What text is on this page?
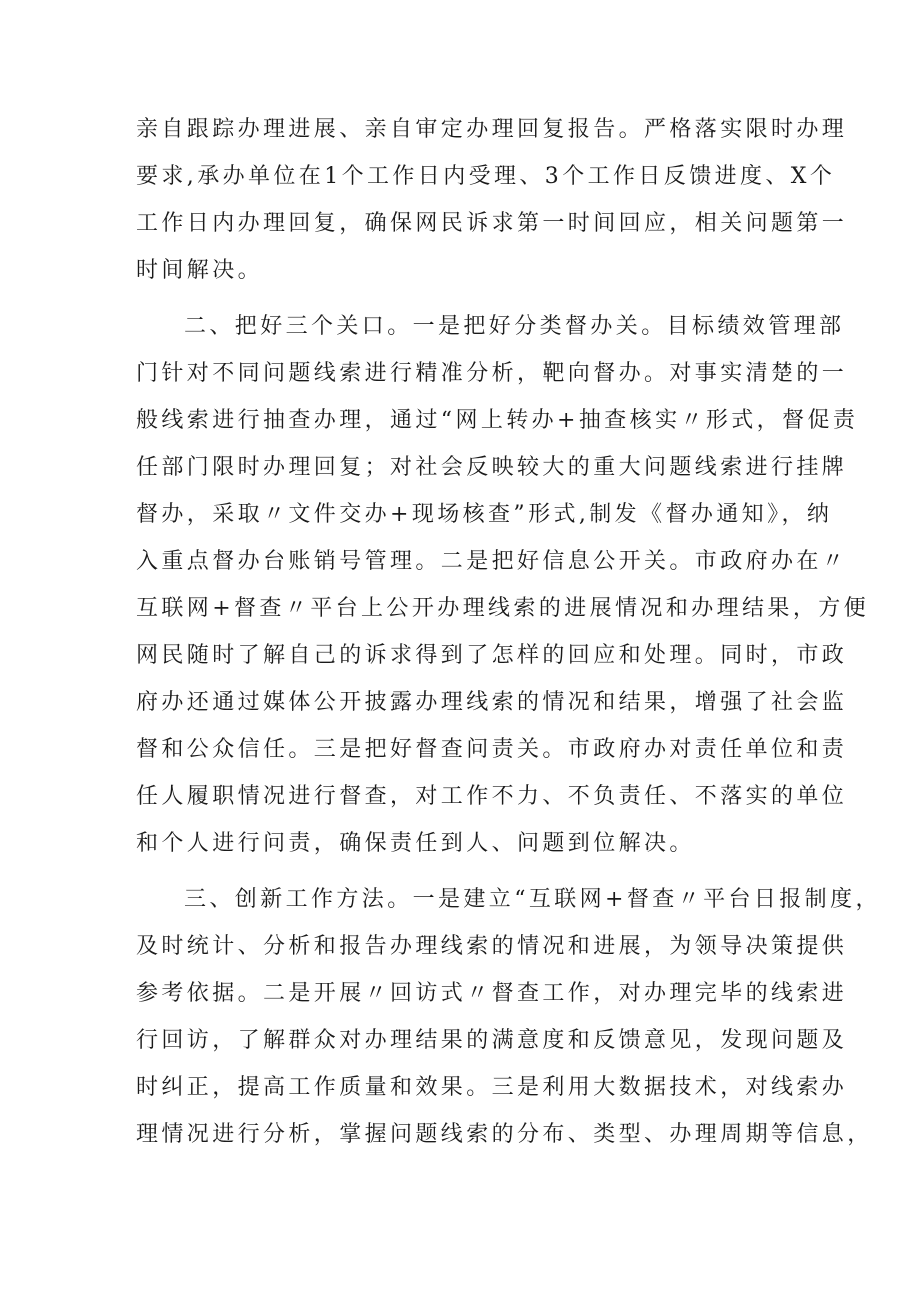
亲自跟踪办理进展、亲自审定办理回复报告。严格落实限时办理
要求,承办单位在1个工作日内受理、3个工作日反馈进度、X个
工作日内办理回复，确保网民诉求第一时间回应，相关问题第一
时间解决。
二、把好三个关口。一是把好分类督办关。目标绩效管理部
门针对不同问题线索进行精准分析，靶向督办。对事实清楚的一
般线索进行抽查办理，通过“网上转办+抽查核实〃形式，督促责
任部门限时办理回复；对社会反映较大的重大问题线索进行挂牌
督办，采取〃文件交办+现场核查”形式,制发《督办通知》，纳
入重点督办台账销号管理。二是把好信息公开关。市政府办在〃
互联网+督查〃平台上公开办理线索的进展情况和办理结果，方便
网民随时了解自己的诉求得到了怎样的回应和处理。同时，市政
府办还通过媒体公开披露办理线索的情况和结果，增强了社会监
督和公众信任。三是把好督查问责关。市政府办对责任单位和责
任人履职情况进行督查，对工作不力、不负责任、不落实的单位
和个人进行问责，确保责任到人、问题到位解决。
三、创新工作方法。一是建立“互联网+督查〃平台日报制度，
及时统计、分析和报告办理线索的情况和进展，为领导决策提供
参考依据。二是开展〃回访式〃督查工作，对办理完毕的线索进
行回访，了解群众对办理结果的满意度和反馈意见，发现问题及
时纠正，提高工作质量和效果。三是利用大数据技术，对线索办
理情况进行分析，掌握问题线索的分布、类型、办理周期等信息，
